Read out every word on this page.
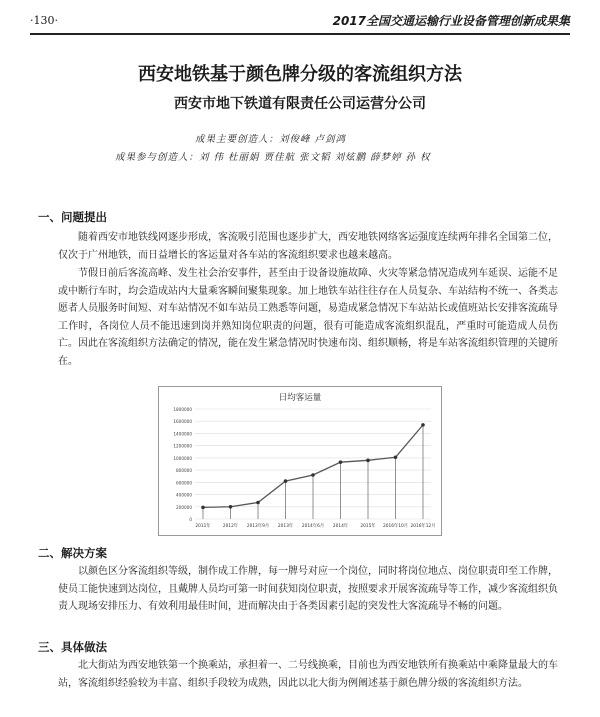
·130·	2017全国交通运输行业设备管理创新成果集
西安地铁基于颜色牌分级的客流组织方法
西安市地下铁道有限责任公司运营分公司
成果主要创造人：刘俊峰 卢剑鸿
成果参与创造人：刘 伟 杜丽娟 贾佳航 张文韬 刘炫鹏 薛梦婷 孙 权
一、问题提出
随着西安市地铁线网逐步形成，客流吸引范围也逐步扩大，西安地铁网络客运强度连续两年排名全国第二位，仅次于广州地铁，而日益增长的客运量对各车站的客流组织要求也越来越高。
节假日前后客流高峰、发生社会治安事件，甚至由于设备设施故障、火灾等紧急情况造成列车延误、运能不足或中断行车时，均会造成站内大量乘客瞬间聚集现象。加上地铁车站往往存在人员复杂、车站结构不统一、各类志愿者人员服务时间短、对车站情况不如车站员工熟悉等问题，易造成紧急情况下车站站长或值班站长安排客流疏导工作时，各岗位人员不能迅速到岗并熟知岗位职责的问题，很有可能造成客流组织混乱，严重时可能造成人员伤亡。因此在客流组织方法确定的情况，能在发生紧急情况时快速布岗、组织顺畅，将是车站客流组织管理的关键所在。
日均客运量
0
200000
400000
600000
800000
1000000
1200000
1400000
1600000
1800000
2011年	2012年 2013年9月 2013年 2014年6月 2014年	2015年 2016年10月 2016年12月
二、解决方案
以颜色区分客流组织等级，制作成工作牌，每一牌号对应一个岗位，同时将岗位地点、岗位职责印至工作牌，使员工能快速到达岗位，且戴牌人员均可第一时间获知岗位职责，按照要求开展客流疏导等工作，减少客流组织负责人现场安排压力、有效利用最佳时间，进而解决由于各类因素引起的突发性大客流疏导不畅的问题。
三、具体做法
北大街站为西安地铁第一个换乘站，承担着一、二号线换乘，目前也为西安地铁所有换乘站中乘降量最大的车站，客流组织经验较为丰富、组织手段较为成熟，因此以北大街为例阐述基于颜色牌分级的客流组织方法。
